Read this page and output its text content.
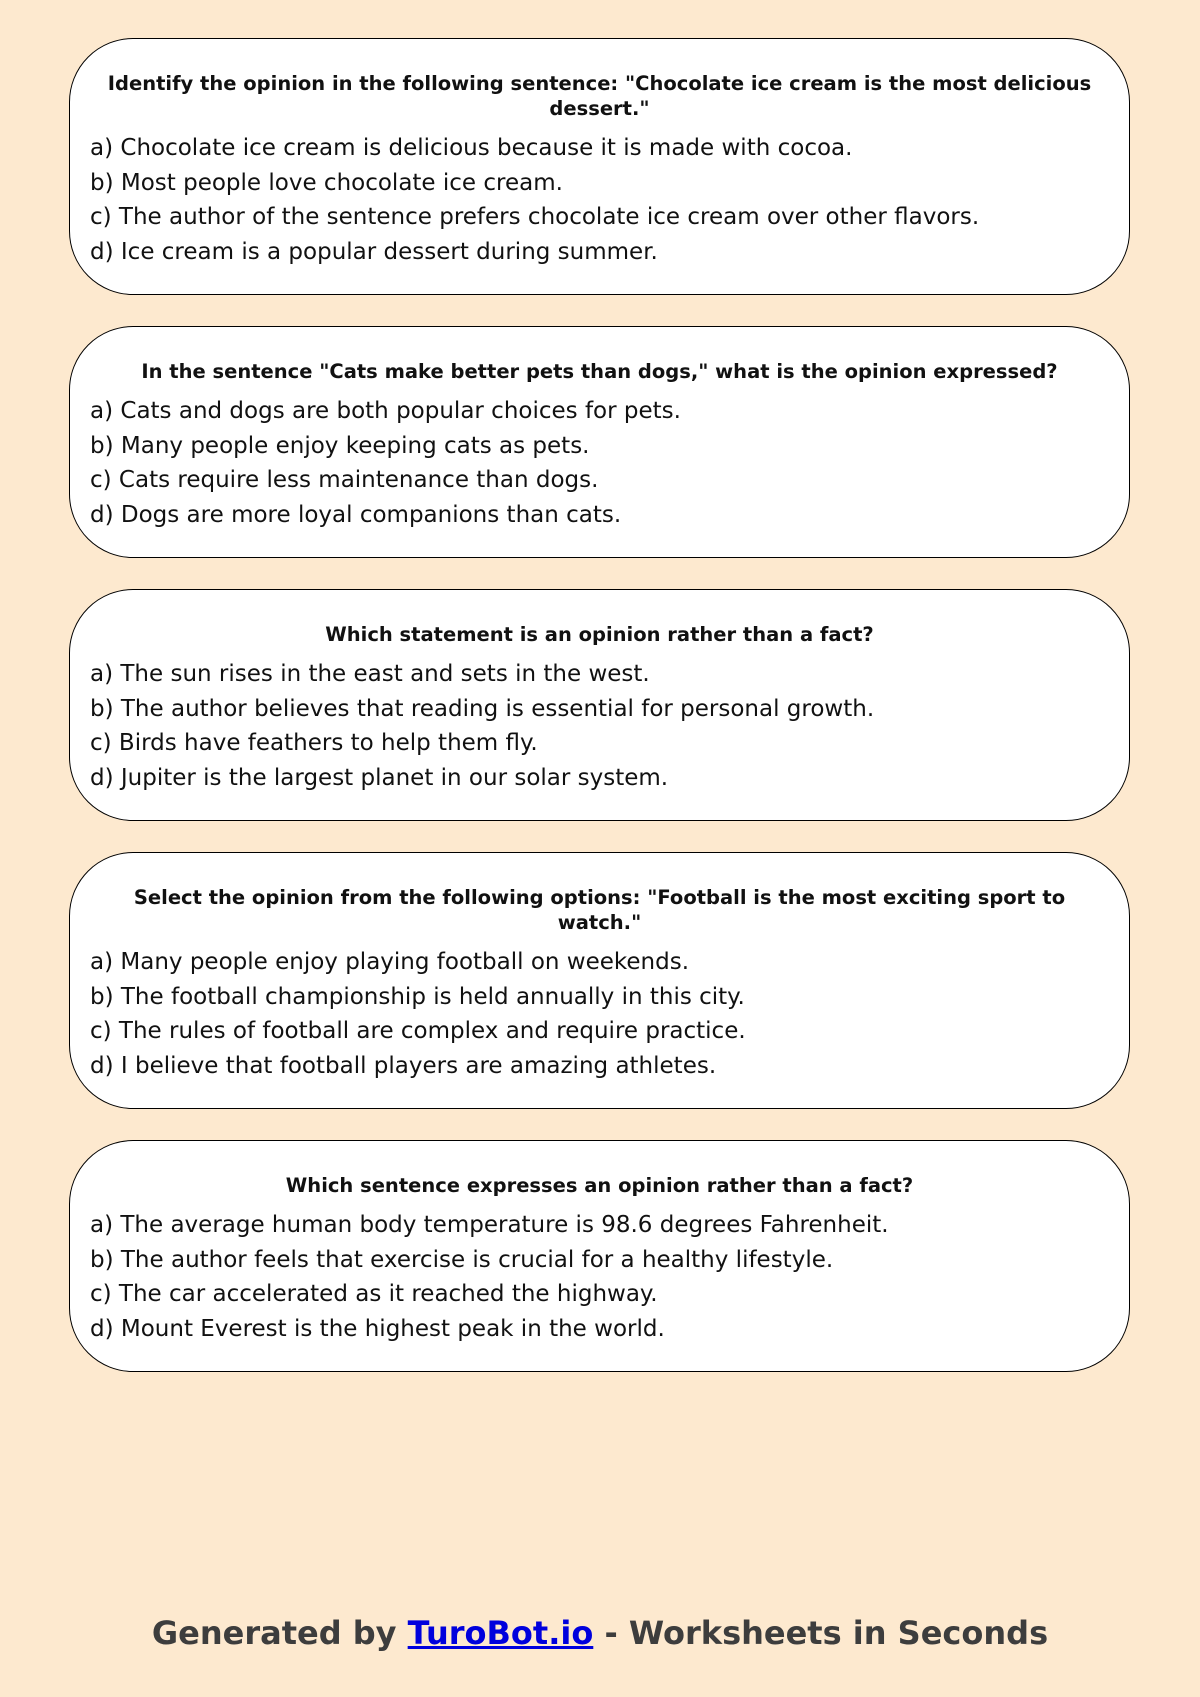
Identify the opinion in the following sentence: "Chocolate ice cream is the most delicious dessert."
a) Chocolate ice cream is delicious because it is made with cocoa.
b) Most people love chocolate ice cream.
c) The author of the sentence prefers chocolate ice cream over other flavors.
d) Ice cream is a popular dessert during summer.
In the sentence "Cats make better pets than dogs," what is the opinion expressed?
a) Cats and dogs are both popular choices for pets.
b) Many people enjoy keeping cats as pets.
c) Cats require less maintenance than dogs.
d) Dogs are more loyal companions than cats.
Which statement is an opinion rather than a fact?
a) The sun rises in the east and sets in the west.
b) The author believes that reading is essential for personal growth.
c) Birds have feathers to help them fly.
d) Jupiter is the largest planet in our solar system.
Select the opinion from the following options: "Football is the most exciting sport to watch."
a) Many people enjoy playing football on weekends.
b) The football championship is held annually in this city.
c) The rules of football are complex and require practice.
d) I believe that football players are amazing athletes.
Which sentence expresses an opinion rather than a fact?
a) The average human body temperature is 98.6 degrees Fahrenheit.
b) The author feels that exercise is crucial for a healthy lifestyle.
c) The car accelerated as it reached the highway.
d) Mount Everest is the highest peak in the world.
Generated by TuroBot.io - Worksheets in Seconds
